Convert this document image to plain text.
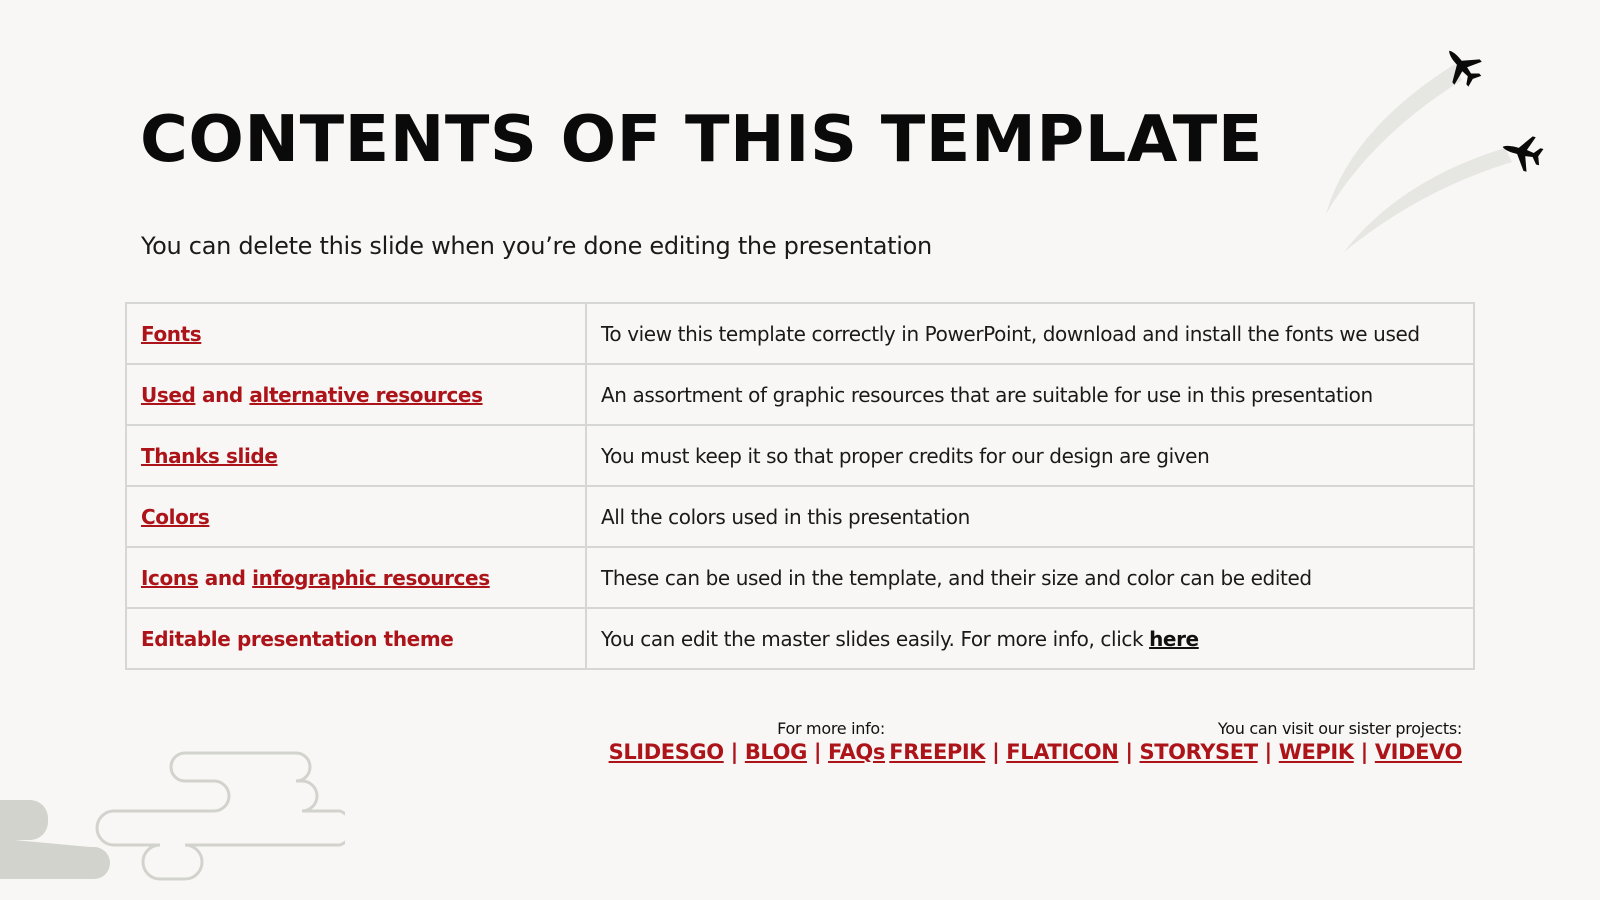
CONTENTS OF THIS TEMPLATE

You can delete this slide when you’re done editing the presentation

Fonts	To view this template correctly in PowerPoint, download and install the fonts we used
Used and alternative resources	An assortment of graphic resources that are suitable for use in this presentation
Thanks slide	You must keep it so that proper credits for our design are given
Colors	All the colors used in this presentation
Icons and infographic resources	These can be used in the template, and their size and color can be edited
Editable presentation theme	You can edit the master slides easily. For more info, click here
For more info:
SLIDESGO | BLOG | FAQs
You can visit our sister projects:
FREEPIK | FLATICON | STORYSET | WEPIK | VIDEVO
